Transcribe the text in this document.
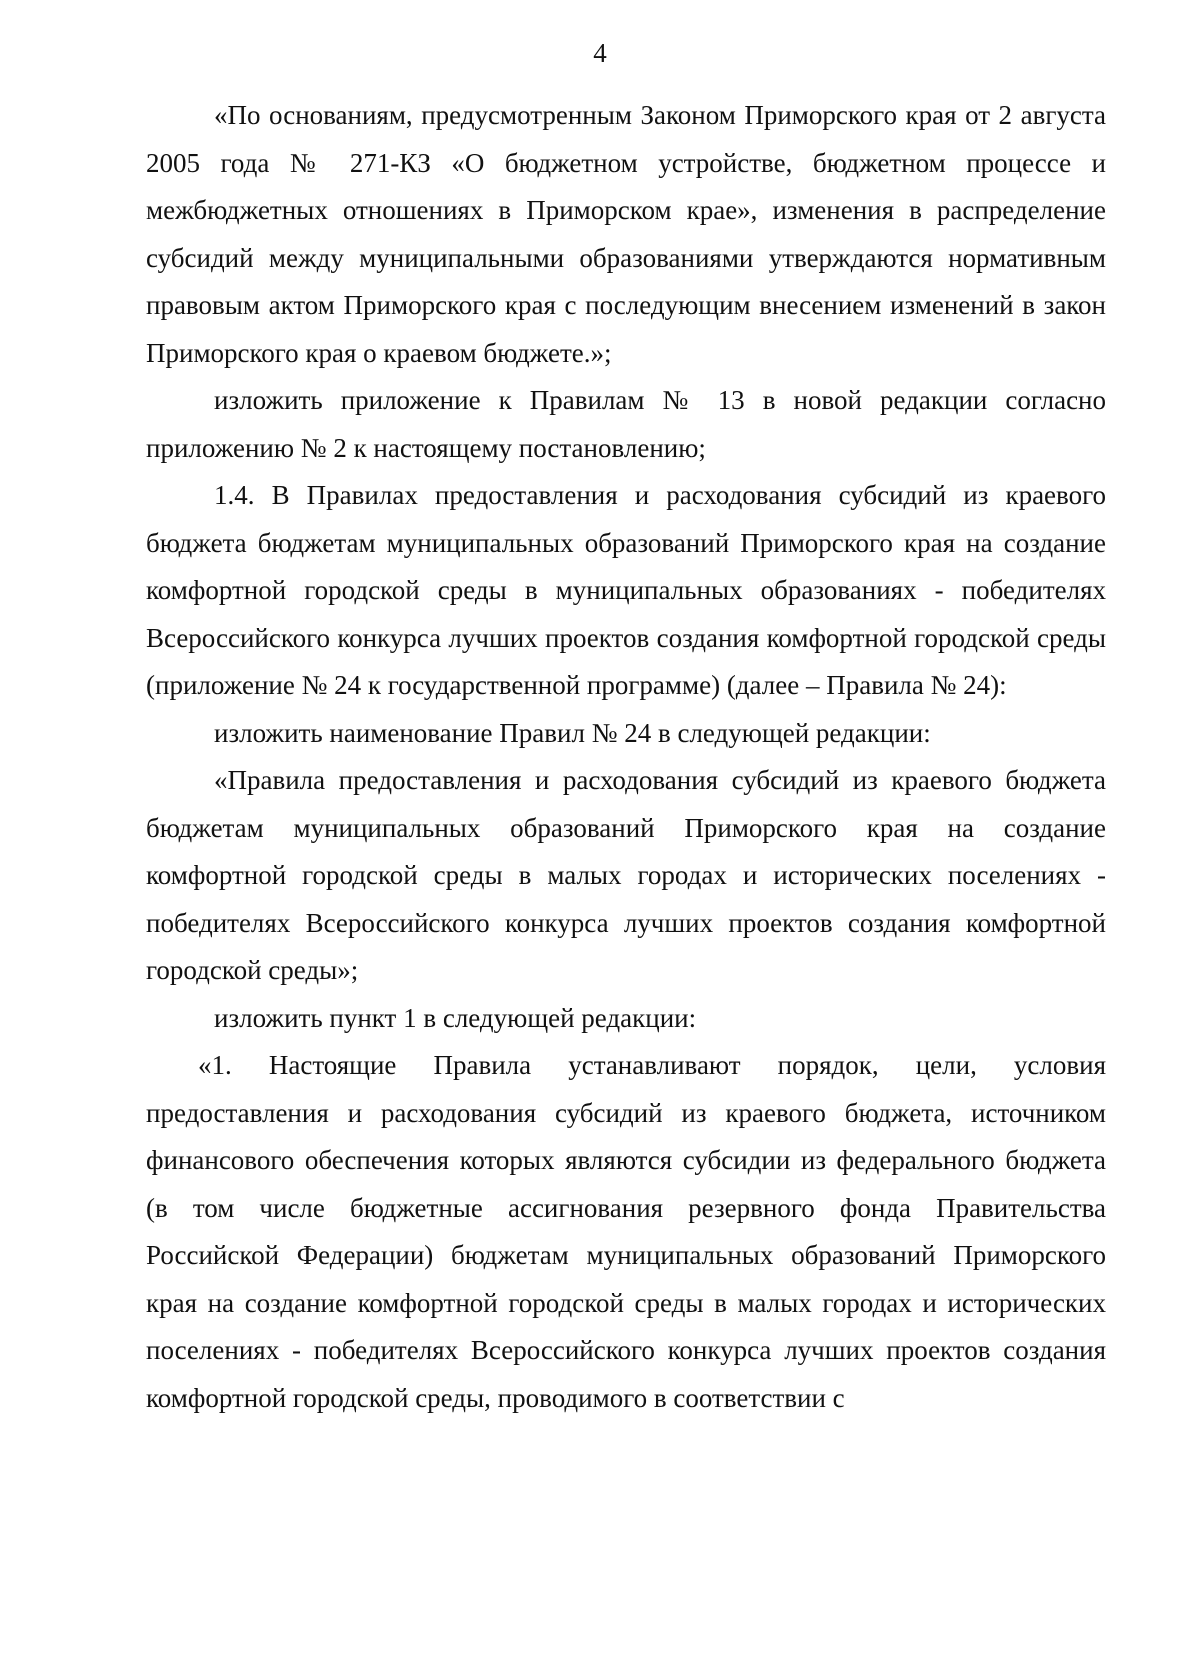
4

«По основаниям, предусмотренным Законом Приморского края от 2 августа 2005 года № 271-КЗ «О бюджетном устройстве, бюджетном процессе и межбюджетных отношениях в Приморском крае», изменения в распределение субсидий между муниципальными образованиями утверждаются нормативным правовым актом Приморского края с последующим внесением изменений в закон Приморского края о краевом бюджете.»;

изложить приложение к Правилам № 13 в новой редакции согласно приложению № 2 к настоящему постановлению;

1.4. В Правилах предоставления и расходования субсидий из краевого бюджета бюджетам муниципальных образований Приморского края на создание комфортной городской среды в муниципальных образованиях - победителях Всероссийского конкурса лучших проектов создания комфортной городской среды (приложение № 24 к государственной программе) (далее – Правила № 24):

изложить наименование Правил № 24 в следующей редакции:

«Правила предоставления и расходования субсидий из краевого бюджета бюджетам муниципальных образований Приморского края на создание комфортной городской среды в малых городах и исторических поселениях - победителях Всероссийского конкурса лучших проектов создания комфортной городской среды»;

изложить пункт 1 в следующей редакции:

«1. Настоящие Правила устанавливают порядок, цели, условия предоставления и расходования субсидий из краевого бюджета, источником финансового обеспечения которых являются субсидии из федерального бюджета (в том числе бюджетные ассигнования резервного фонда Правительства Российской Федерации) бюджетам муниципальных образований Приморского края на создание комфортной городской среды в малых городах и исторических поселениях - победителях Всероссийского конкурса лучших проектов создания комфортной городской среды, проводимого в соответствии с
